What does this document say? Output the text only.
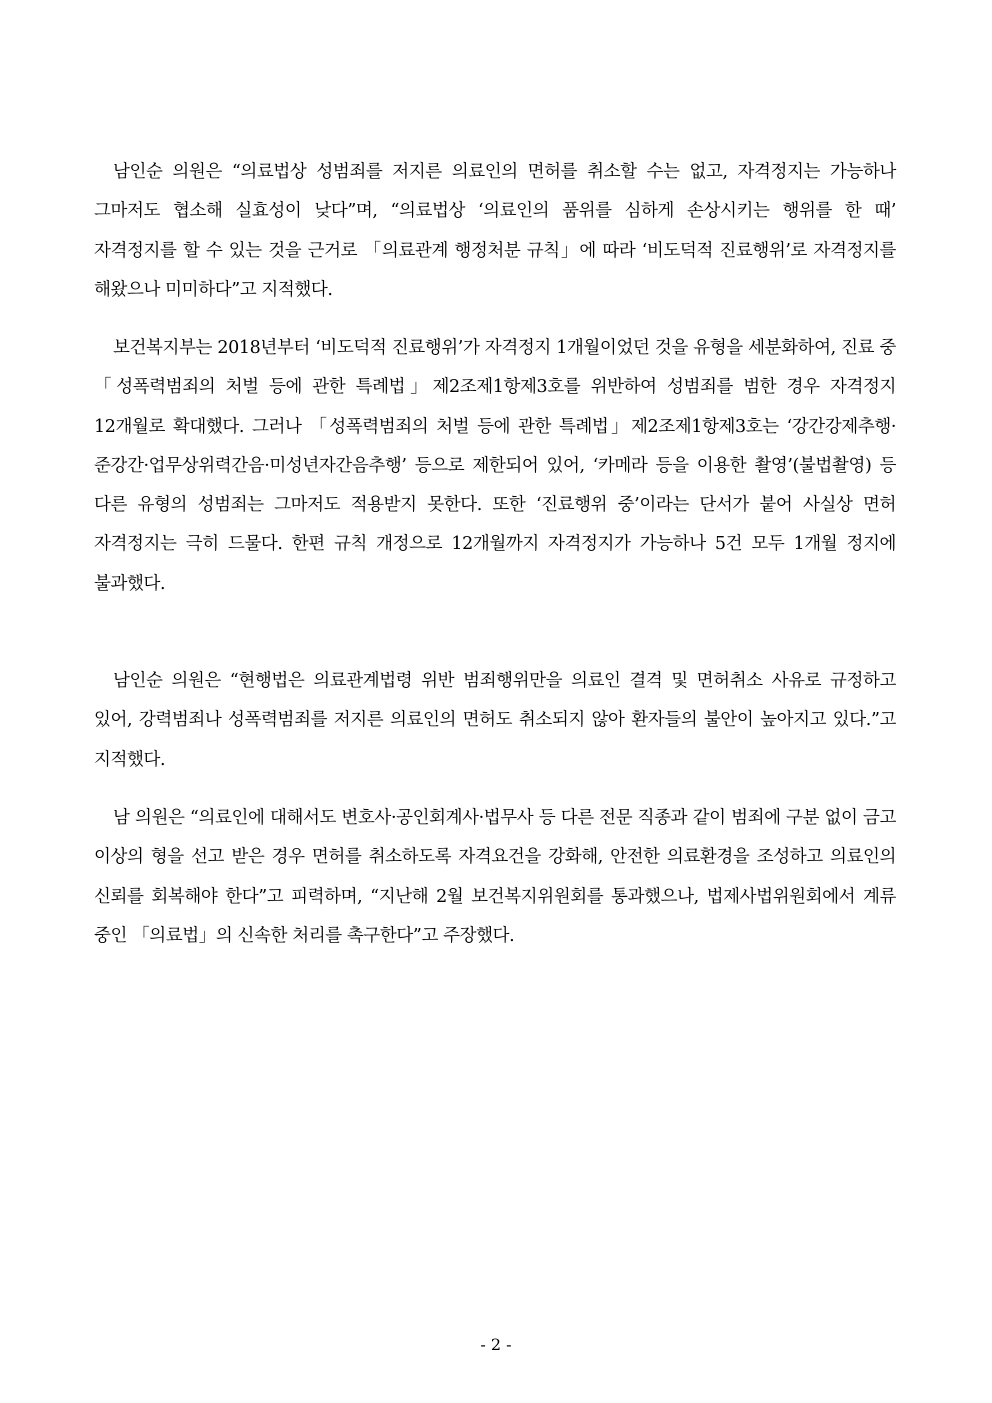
남인순 의원은 “의료법상 성범죄를 저지른 의료인의 면허를 취소할 수는 없고, 자격정지는 가능하나 그마저도 협소해 실효성이 낮다”며, “의료법상 ‘의료인의 품위를 심하게 손상시키는 행위를 한 때’ 자격정지를 할 수 있는 것을 근거로 「의료관계 행정처분 규칙」에 따라 ‘비도덕적 진료행위’로 자격정지를 해왔으나 미미하다”고 지적했다.

보건복지부는 2018년부터 ‘비도덕적 진료행위’가 자격정지 1개월이었던 것을 유형을 세분화하여, 진료 중 「성폭력범죄의 처벌 등에 관한 특례법」제2조제1항제3호를 위반하여 성범죄를 범한 경우 자격정지 12개월로 확대했다. 그러나 「성폭력범죄의 처벌 등에 관한 특례법」제2조제1항제3호는 ‘강간강제추행·준강간·업무상위력간음·미성년자간음추행’ 등으로 제한되어 있어, ‘카메라 등을 이용한 촬영’(불법촬영) 등 다른 유형의 성범죄는 그마저도 적용받지 못한다. 또한 ‘진료행위 중’이라는 단서가 붙어 사실상 면허 자격정지는 극히 드물다. 한편 규칙 개정으로 12개월까지 자격정지가 가능하나 5건 모두 1개월 정지에 불과했다.

남인순 의원은 “현행법은 의료관계법령 위반 범죄행위만을 의료인 결격 및 면허취소 사유로 규정하고 있어, 강력범죄나 성폭력범죄를 저지른 의료인의 면허도 취소되지 않아 환자들의 불안이 높아지고 있다.”고 지적했다.

남 의원은 “의료인에 대해서도 변호사·공인회계사·법무사 등 다른 전문 직종과 같이 범죄에 구분 없이 금고 이상의 형을 선고 받은 경우 면허를 취소하도록 자격요건을 강화해, 안전한 의료환경을 조성하고 의료인의 신뢰를 회복해야 한다”고 피력하며, “지난해 2월 보건복지위원회를 통과했으나, 법제사법위원회에서 계류 중인 「의료법」의 신속한 처리를 촉구한다”고 주장했다.

- 2 -
